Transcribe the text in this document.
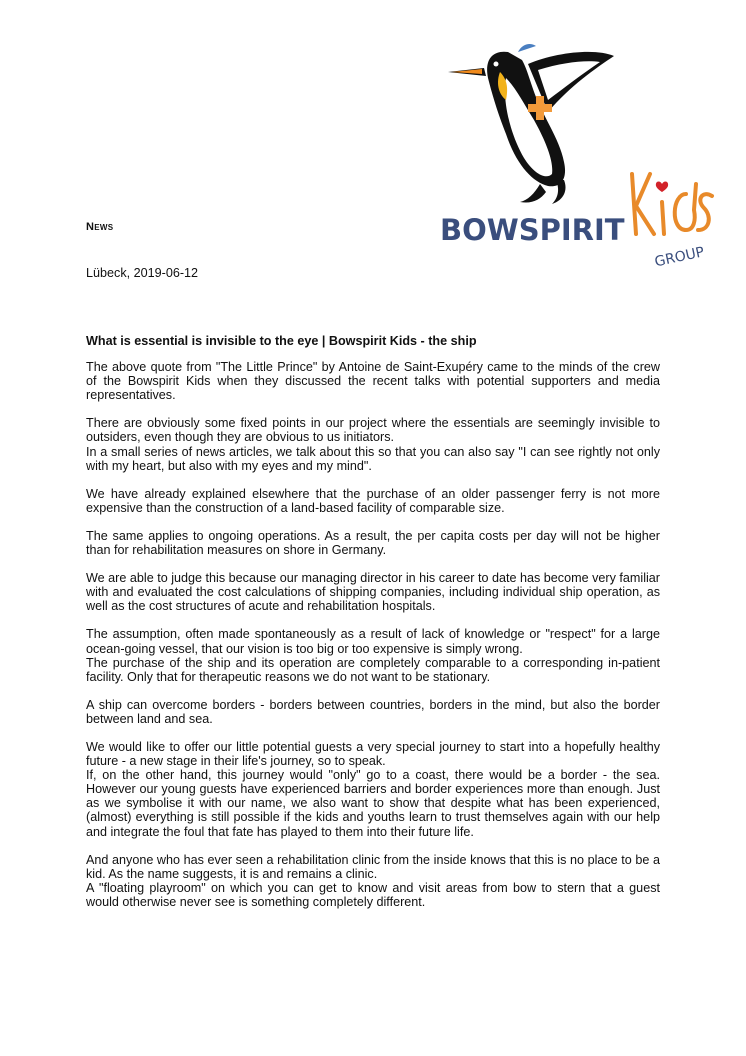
BOWSPIRIT
GROUP
News
Lübeck, 2019-06-12
What is essential is invisible to the eye | Bowspirit Kids - the ship

The above quote from "The Little Prince" by Antoine de Saint-Exupéry came to the minds of the crew of the Bowspirit Kids when they discussed the recent talks with potential supporters and media representatives.

There are obviously some fixed points in our project where the essentials are seemingly invisible to outsiders, even though they are obvious to us initiators.
In a small series of news articles, we talk about this so that you can also say "I can see rightly not only with my heart, but also with my eyes and my mind".

We have already explained elsewhere that the purchase of an older passenger ferry is not more expensive than the construction of a land-based facility of comparable size.

The same applies to ongoing operations. As a result, the per capita costs per day will not be higher than for rehabilitation measures on shore in Germany.

We are able to judge this because our managing director in his career to date has become very familiar with and evaluated the cost calculations of shipping companies, including individual ship operation, as well as the cost structures of acute and rehabilitation hospitals.

The assumption, often made spontaneously as a result of lack of knowledge or "respect" for a large ocean-going vessel, that our vision is too big or too expensive is simply wrong.
The purchase of the ship and its operation are completely comparable to a corresponding in-patient facility. Only that for therapeutic reasons we do not want to be stationary.

A ship can overcome borders - borders between countries, borders in the mind, but also the border between land and sea.

We would like to offer our little potential guests a very special journey to start into a hopefully healthy future - a new stage in their life's journey, so to speak.
If, on the other hand, this journey would "only" go to a coast, there would be a border - the sea. However our young guests have experienced barriers and border experiences more than enough. Just as we symbolise it with our name, we also want to show that despite what has been experienced, (almost) everything is still possible if the kids and youths learn to trust themselves again with our help and integrate the foul that fate has played to them into their future life.

And anyone who has ever seen a rehabilitation clinic from the inside knows that this is no place to be a kid. As the name suggests, it is and remains a clinic.
A "floating playroom" on which you can get to know and visit areas from bow to stern that a guest would otherwise never see is something completely different.
